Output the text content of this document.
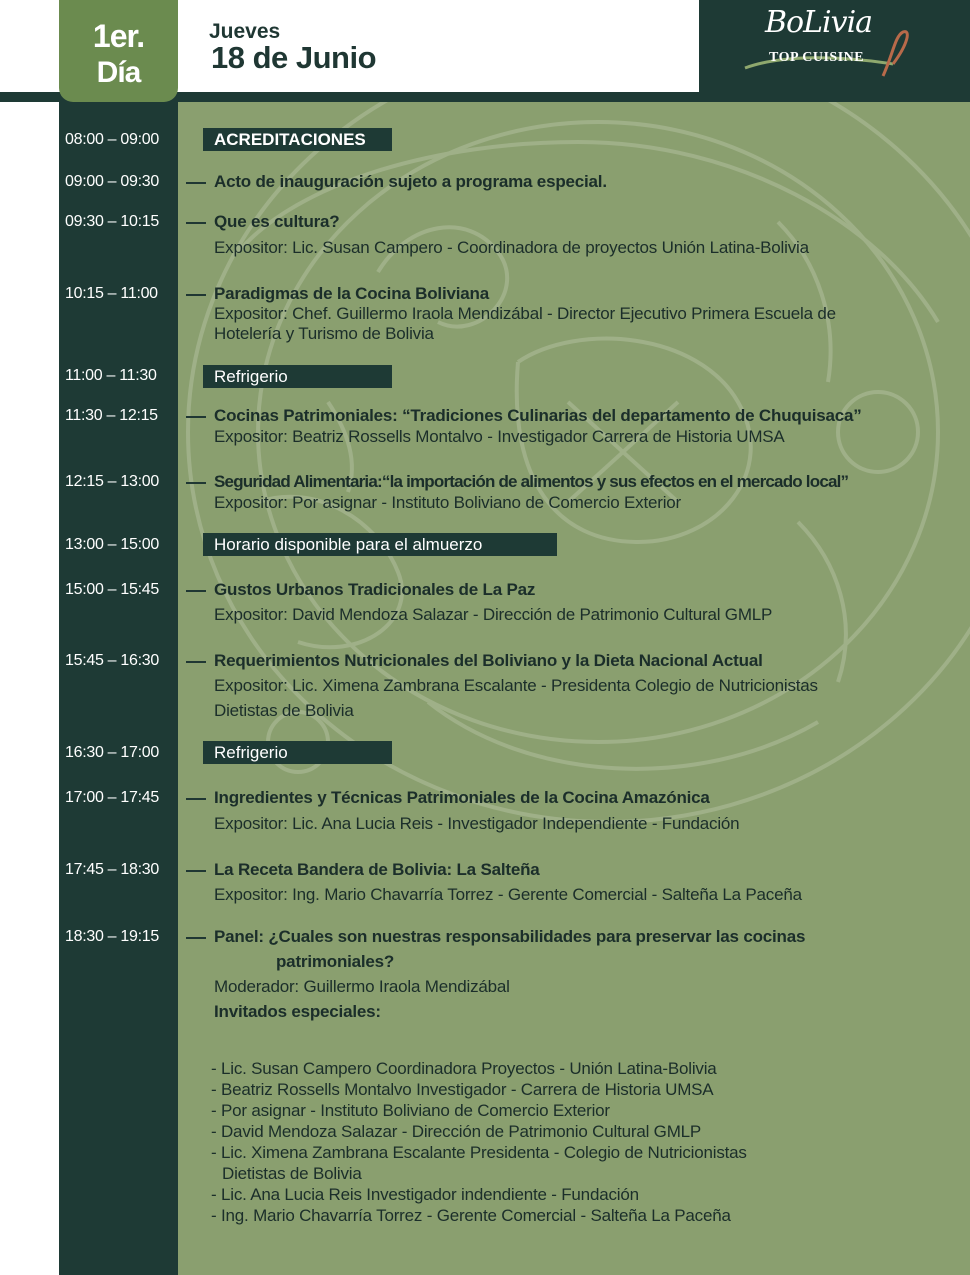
BoLivia
TOP CUISINE
1er.
Día
Jueves
18 de Junio
08:00 – 09:00	ACREDITACIONES
09:00 – 09:30	Acto de inauguración sujeto a programa especial.
09:30 – 10:15	Que es cultura?
Expositor: Lic. Susan Campero - Coordinadora de proyectos Unión Latina-Bolivia
10:15 – 11:00	Paradigmas de la Cocina Boliviana
Expositor: Chef. Guillermo Iraola Mendizábal - Director Ejecutivo Primera Escuela de
Hotelería y Turismo de Bolivia
11:00 – 11:30	Refrigerio
11:30 – 12:15	Cocinas Patrimoniales: “Tradiciones Culinarias del departamento de Chuquisaca”
Expositor: Beatriz Rossells Montalvo - Investigador Carrera de Historia UMSA
12:15 – 13:00	Seguridad Alimentaria:“la importación de alimentos y sus efectos en el mercado local”
Expositor: Por asignar - Instituto Boliviano de Comercio Exterior
13:00 – 15:00	Horario disponible para el almuerzo
15:00 – 15:45	Gustos Urbanos Tradicionales de La Paz
Expositor: David Mendoza Salazar - Dirección de Patrimonio Cultural GMLP
15:45 – 16:30	Requerimientos Nutricionales del Boliviano y la Dieta Nacional Actual
Expositor: Lic. Ximena Zambrana Escalante - Presidenta Colegio de Nutricionistas
Dietistas de Bolivia
16:30 – 17:00	Refrigerio
17:00 – 17:45	Ingredientes y Técnicas Patrimoniales de la Cocina Amazónica
Expositor: Lic. Ana Lucia Reis - Investigador Independiente - Fundación
17:45 – 18:30	La Receta Bandera de Bolivia: La Salteña
Expositor: Ing. Mario Chavarría Torrez - Gerente Comercial - Salteña La Paceña
18:30 – 19:15	Panel: ¿Cuales son nuestras responsabilidades para preservar las cocinas
patrimoniales?
Moderador: Guillermo Iraola Mendizábal
Invitados especiales:
- Lic. Susan Campero Coordinadora Proyectos - Unión Latina-Bolivia
- Beatriz Rossells Montalvo Investigador - Carrera de Historia UMSA
- Por asignar - Instituto Boliviano de Comercio Exterior
- David Mendoza Salazar - Dirección de Patrimonio Cultural GMLP
- Lic. Ximena Zambrana Escalante Presidenta - Colegio de Nutricionistas
Dietistas de Bolivia
- Lic. Ana Lucia Reis Investigador indendiente - Fundación
- Ing. Mario Chavarría Torrez - Gerente Comercial - Salteña La Paceña
